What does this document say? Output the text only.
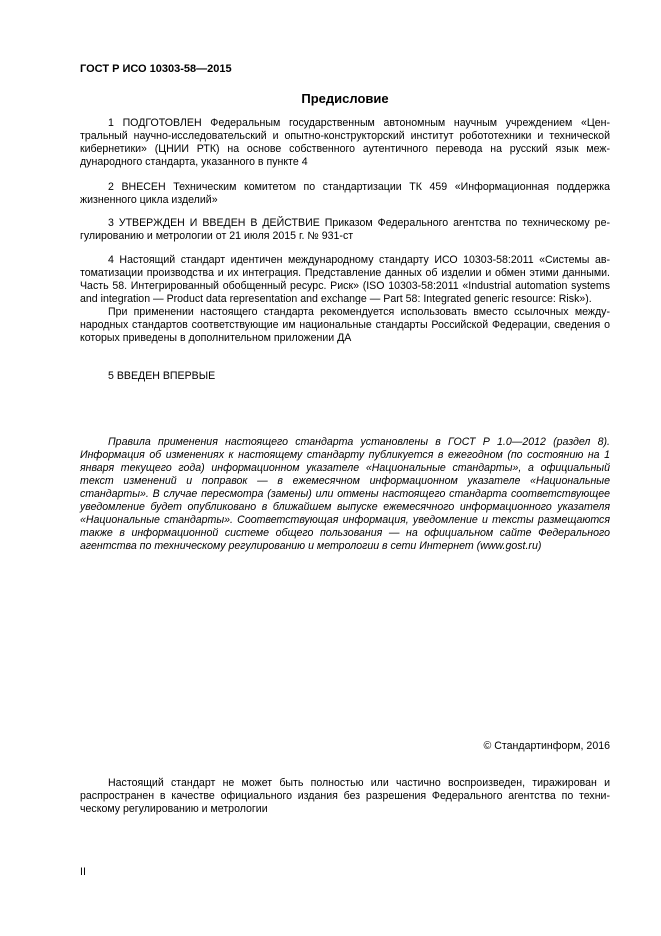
ГОСТ Р ИСО 10303-58—2015
Предисловие

1 ПОДГОТОВЛЕН Федеральным государственным автономным научным учреждением «Центральный научно-исследовательский и опытно-конструкторский институт робототехники и технической кибернетики» (ЦНИИ РТК) на основе собственного аутентичного перевода на русский язык международного стандарта, указанного в пункте 4

2 ВНЕСЕН Техническим комитетом по стандартизации ТК 459 «Информационная поддержка жизненного цикла изделий»

3 УТВЕРЖДЕН И ВВЕДЕН В ДЕЙСТВИЕ Приказом Федерального агентства по техническому регулированию и метрологии от 21 июля 2015 г. № 931-ст

4 Настоящий стандарт идентичен международному стандарту ИСО 10303-58:2011 «Системы автоматизации производства и их интеграция. Представление данных об изделии и обмен этими данными. Часть 58. Интегрированный обобщенный ресурс. Риск» (ISO 10303-58:2011 «Industrial automation systems and integration — Product data representation and exchange — Part 58: Integrated generic resource: Risk»).

При применении настоящего стандарта рекомендуется использовать вместо ссылочных международных стандартов соответствующие им национальные стандарты Российской Федерации, сведения о которых приведены в дополнительном приложении ДА

5 ВВЕДЕН ВПЕРВЫЕ

Правила применения настоящего стандарта установлены в ГОСТ Р 1.0—2012 (раздел 8). Информация об изменениях к настоящему стандарту публикуется в ежегодном (по состоянию на 1 января текущего года) информационном указателе «Национальные стандарты», а официальный текст изменений и поправок — в ежемесячном информационном указателе «Национальные стандарты». В случае пересмотра (замены) или отмены настоящего стандарта соответствующее уведомление будет опубликовано в ближайшем выпуске ежемесячного информационного указателя «Национальные стандарты». Соответствующая информация, уведомление и тексты размещаются также в информационной системе общего пользования — на официальном сайте Федерального агентства по техническому регулированию и метрологии в сети Интернет (www.gost.ru)

© Стандартинформ, 2016

Настоящий стандарт не может быть полностью или частично воспроизведен, тиражирован и распространен в качестве официального издания без разрешения Федерального агентства по техническому регулированию и метрологии

II
